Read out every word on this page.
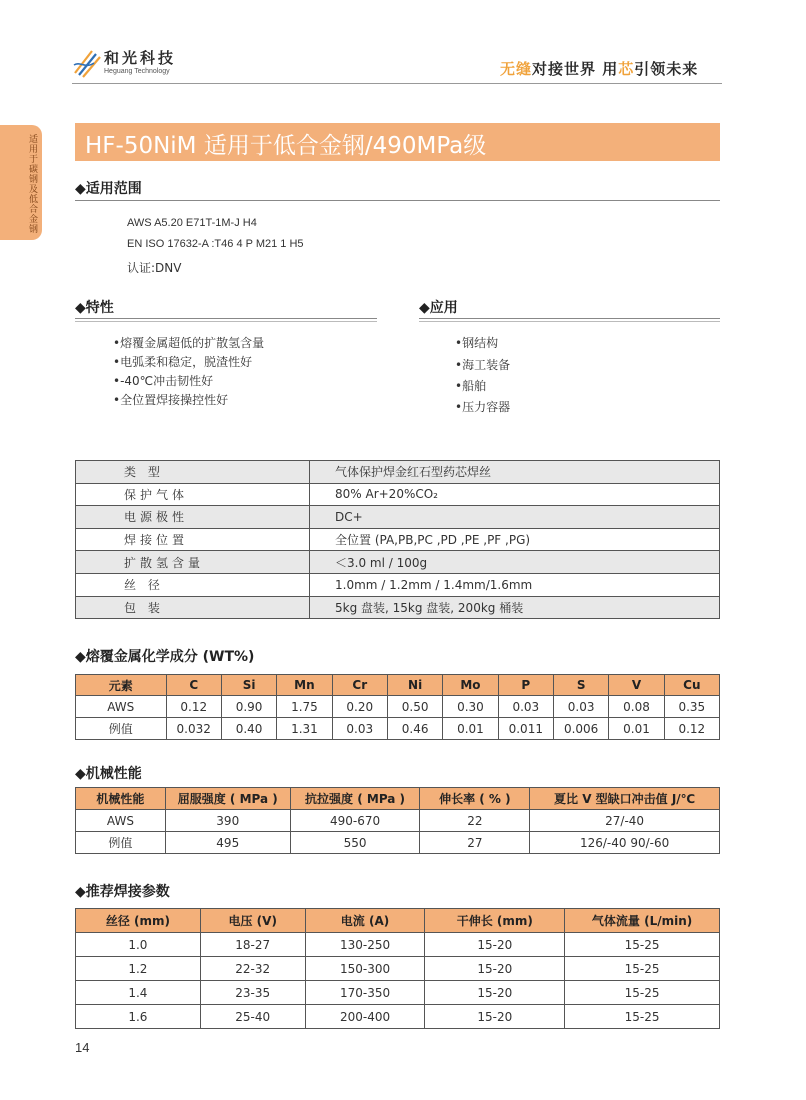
和光科技
Heguang Technology	无缝对接世界 用芯引领未来
适用于碳钢及低合金钢 HF-50NiM 适用于低合金钢/490MPa级
◆适用范围
AWS A5.20 E71T-1M-J H4
EN ISO 17632-A :T46 4 P M21 1 H5
认证:DNV
◆特性
•熔覆金属超低的扩散氢含量
•电弧柔和稳定，脱渣性好
•-40℃冲击韧性好
•全位置焊接操控性好
◆应用
•钢结构
•海工装备
•船舶
•压力容器
类 型	气体保护焊金红石型药芯焊丝
保护气体	80% Ar+20%CO₂
电源极性	DC+
焊接位置	全位置 (PA,PB,PC ,PD ,PE ,PF ,PG)
扩散氢含量	＜3.0 ml / 100g
丝 径	1.0mm / 1.2mm / 1.4mm/1.6mm
包 装	5kg 盘装, 15kg 盘装, 200kg 桶装
◆熔覆金属化学成分 (WT%)
元素	C	Si	Mn	Cr	Ni	Mo	P	S	V	Cu
AWS	0.12	0.90	1.75	0.20	0.50	0.30	0.03	0.03	0.08	0.35
例值	0.032	0.40	1.31	0.03	0.46	0.01	0.011	0.006	0.01	0.12
◆机械性能
机械性能	屈服强度 ( MPa )	抗拉强度 ( MPa )	伸长率 ( % )	夏比 V 型缺口冲击值 J/℃
AWS	390	490-670	22	27/-40
例值	495	550	27	126/-40 90/-60
◆推荐焊接参数
丝径 (mm)	电压 (V)	电流 (A)	干伸长 (mm)	气体流量 (L/min)
1.0	18-27	130-250	15-20	15-25
1.2	22-32	150-300	15-20	15-25
1.4	23-35	170-350	15-20	15-25
1.6	25-40	200-400	15-20	15-25
14
